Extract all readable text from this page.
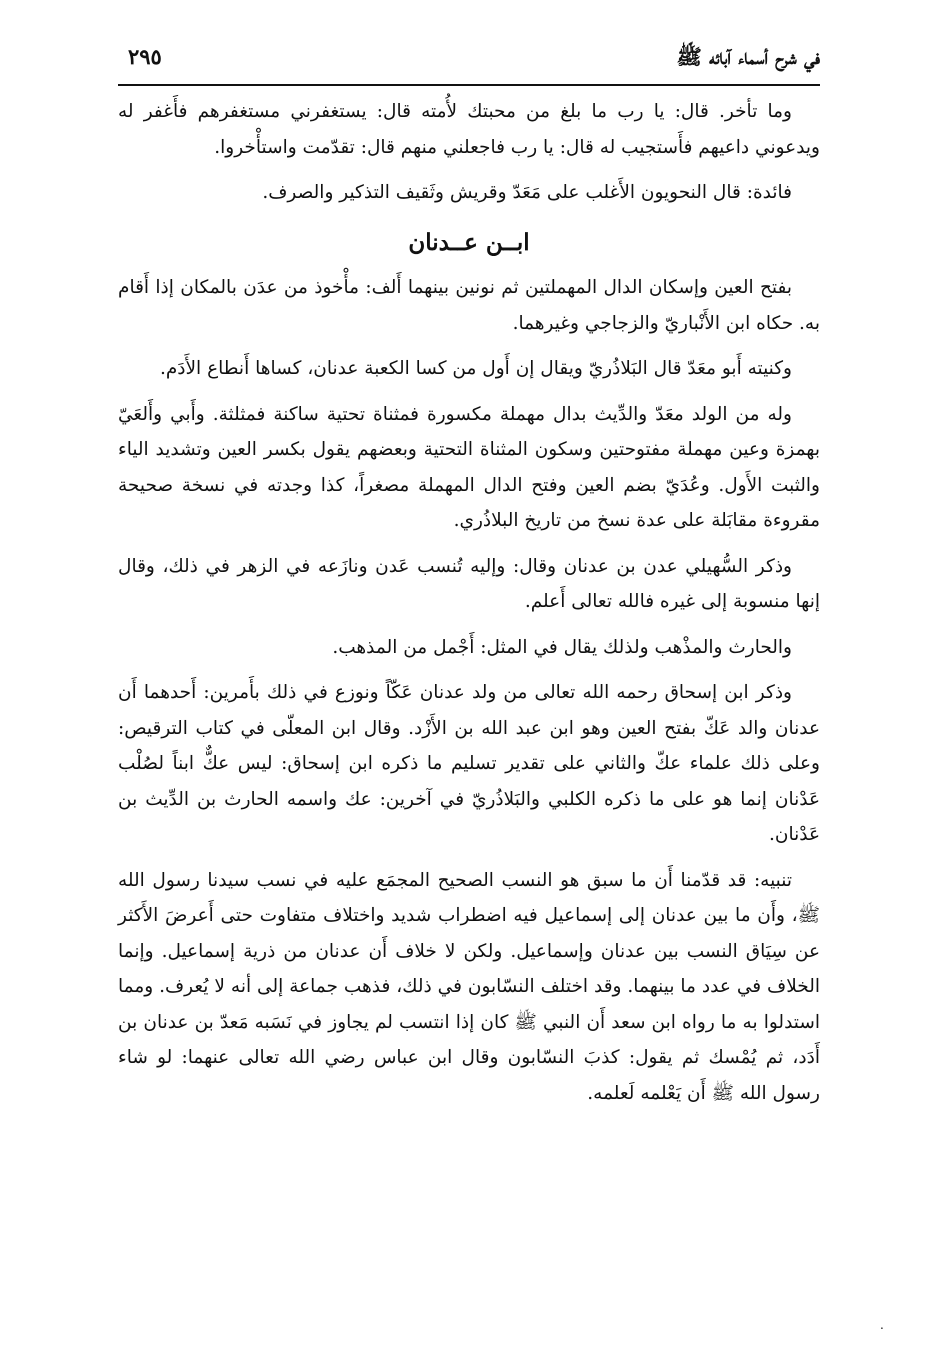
في شرح أسماء آبائه ﷺ
٢٩٥

وما تأخر. قال: يا رب ما بلغ من محبتك لأُمته قال: يستغفرني مستغفرهم فأَغفر له ويدعوني داعيهم فأَستجيب له قال: يا رب فاجعلني منهم قال: تقدّمت واستأْخروا.

فائدة: قال النحويون الأَغلب على مَعَدّ وقريش وثَقيف التذكير والصرف.

ابــن عــدنان

بفتح العين وإسكان الدال المهملتين ثم نونين بينهما أَلف: مأْخوذ من عدَن بالمكان إذا أَقام به. حكاه ابن الأَنْباريّ والزجاجي وغيرهما.

وكنيته أَبو معَدّ قال البَلاذُريّ ويقال إن أَول من كسا الكعبة عدنان، كساها أَنطاع الأَدَم.

وله من الولد معَدّ والدِّيث بدال مهملة مكسورة فمثناة تحتية ساكنة فمثلثة. وأَبي وأَلعَيّ بهمزة وعين مهملة مفتوحتين وسكون المثناة التحتية وبعضهم يقول بكسر العين وتشديد الياء والثبت الأَول. وعُدَيّ بضم العين وفتح الدال المهملة مصغراً، كذا وجدته في نسخة صحيحة مقروءة مقابَلة على عدة نسخ من تاريخ البلاذُري.

وذكر السُّهيلي عدن بن عدنان وقال: وإليه تُنسب عَدن ونازَعه في الزهر في ذلك، وقال إنها منسوبة إلى غيره فالله تعالى أَعلم.

والحارث والمذْهب ولذلك يقال في المثل: أَجْمل من المذهب.

وذكر ابن إسحاق رحمه الله تعالى من ولد عدنان عَكّاً ونوزع في ذلك بأَمرين: أَحدهما أَن عدنان والد عَكّ بفتح العين وهو ابن عبد الله بن الأَزْد. وقال ابن المعلّى في كتاب الترقيص: وعلى ذلك علماء عكّ والثاني على تقدير تسليم ما ذكره ابن إسحاق: ليس عكٌّ ابناً لصُلْب عَدْنان إنما هو على ما ذكره الكلبي والبَلاذُريّ في آخرين: عك واسمه الحارث بن الدِّيث بن عَدْنان.

تنبيه: قد قدّمنا أَن ما سبق هو النسب الصحيح المجمَع عليه في نسب سيدنا رسول الله ﷺ، وأَن ما بين عدنان إلى إسماعيل فيه اضطراب شديد واختلاف متفاوت حتى أَعرضَ الأَكثر عن سِيَاق النسب بين عدنان وإسماعيل. ولكن لا خلاف أَن عدنان من ذرية إسماعيل. وإنما الخلاف في عدد ما بينهما. وقد اختلف النسّابون في ذلك، فذهب جماعة إلى أنه لا يُعرف. ومما استدلوا به ما رواه ابن سعد أَن النبي ﷺ كان إذا انتسب لم يجاوز في نَسَبه مَعدّ بن عدنان بن أَدَد، ثم يُمْسك ثم يقول: كذبَ النسّابون وقال ابن عباس رضي الله تعالى عنهما: لو شاء رسول الله ﷺ أَن يَعْلمه لَعلمه.

.
